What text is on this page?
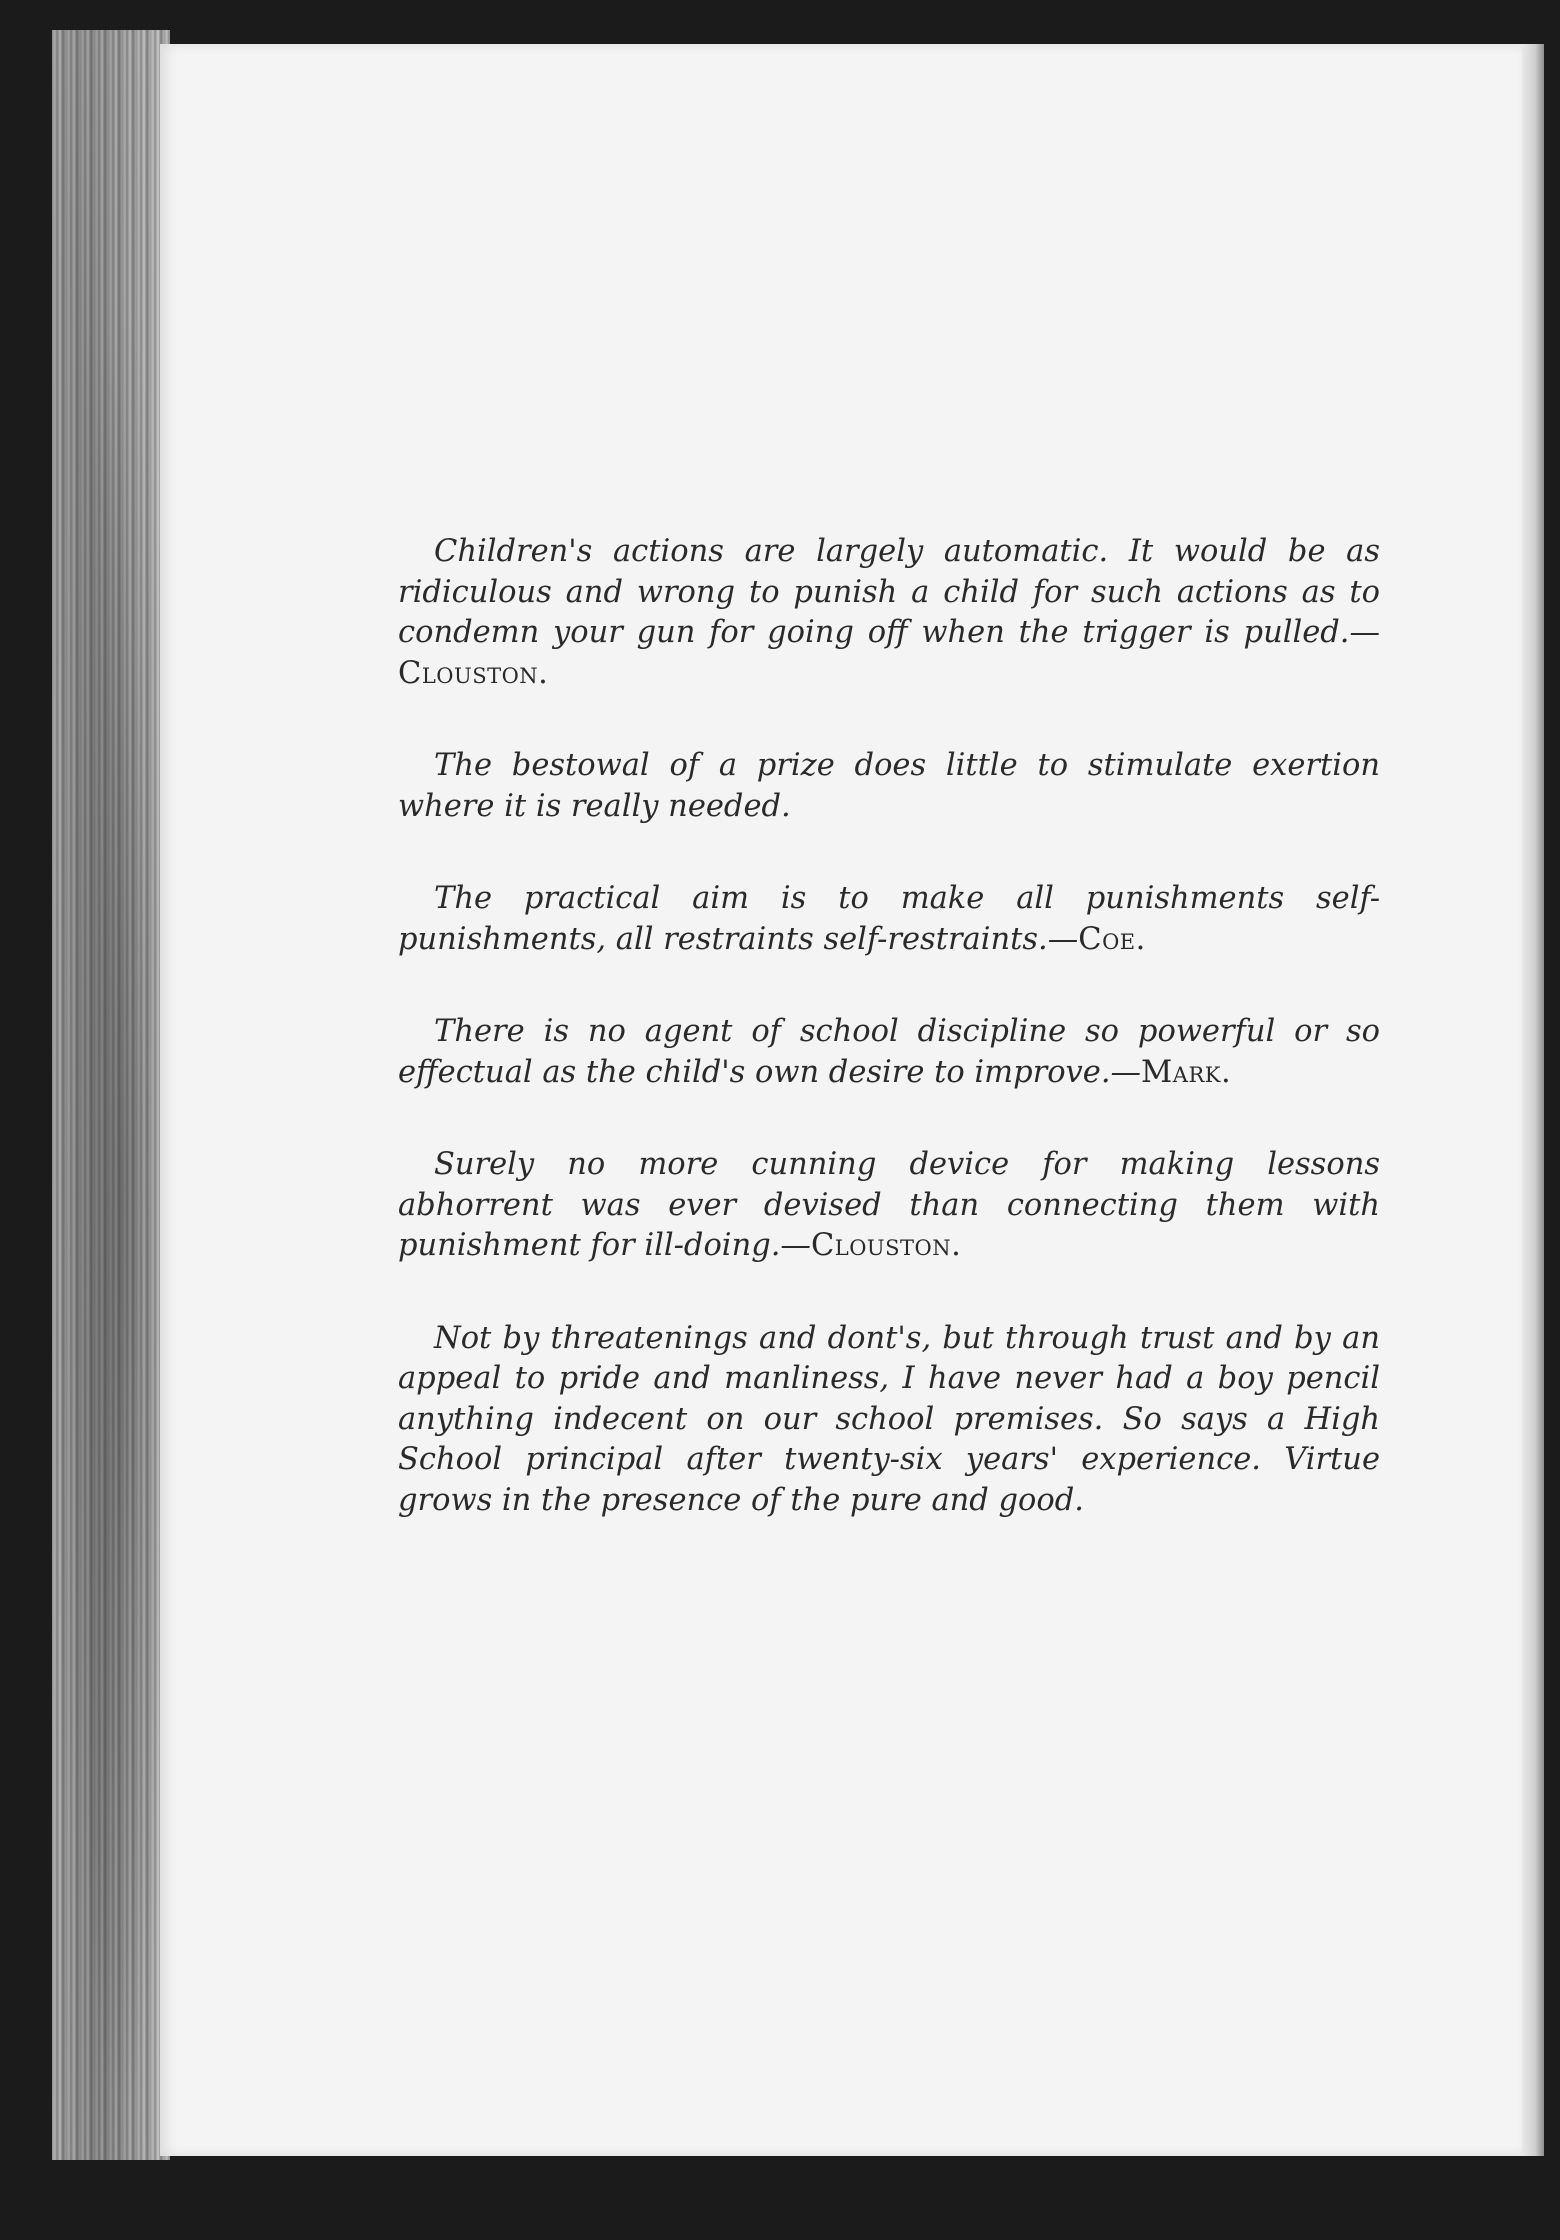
Children's actions are largely automatic. It would be as ridiculous and wrong to punish a child for such actions as to condemn your gun for going off when the trigger is pulled.—Clouston.

The bestowal of a prize does little to stimulate exertion where it is really needed.

The practical aim is to make all punishments self-punishments, all restraints self-restraints.—Coe.

There is no agent of school discipline so powerful or so effectual as the child's own desire to improve.—Mark.

Surely no more cunning device for making lessons abhorrent was ever devised than connecting them with punishment for ill-doing.—Clouston.

Not by threatenings and dont's, but through trust and by an appeal to pride and manliness, I have never had a boy pencil anything indecent on our school premises. So says a High School principal after twenty-six years' experience. Virtue grows in the presence of the pure and good.
